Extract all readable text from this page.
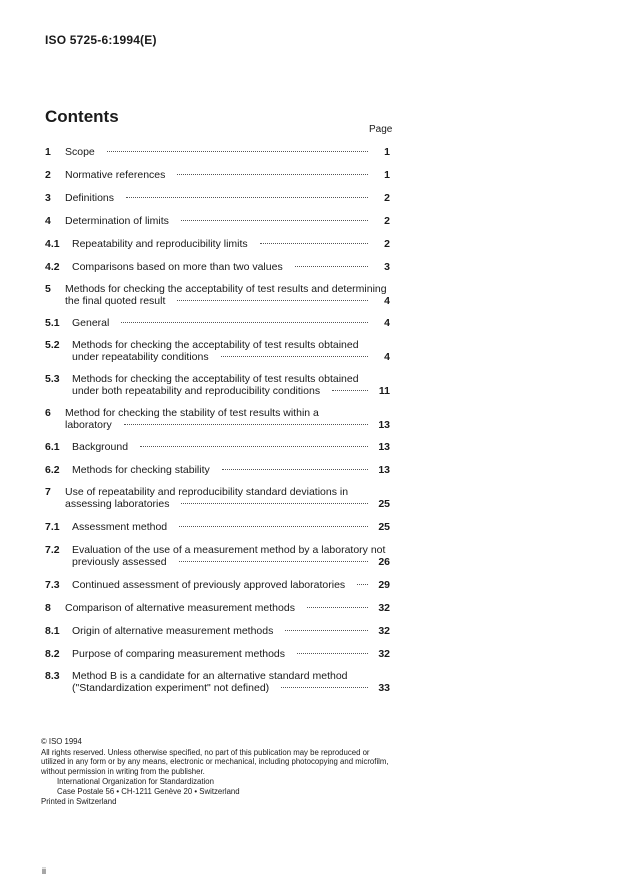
ISO 5725-6:1994(E)
Contents
Page
1	Scope	1
2	Normative references	1
3	Definitions	2
4	Determination of limits	2
4.1	Repeatability and reproducibility limits	2
4.2	Comparisons based on more than two values	3
5	Methods for checking the acceptability of test results and determining
the final quoted result	4
5.1	General	4
5.2	Methods for checking the acceptability of test results obtained
under repeatability conditions	4
5.3	Methods for checking the acceptability of test results obtained
under both repeatability and reproducibility conditions	11
6	Method for checking the stability of test results within a
laboratory	13
6.1	Background	13
6.2	Methods for checking stability	13
7	Use of repeatability and reproducibility standard deviations in
assessing laboratories	25
7.1	Assessment method	25
7.2	Evaluation of the use of a measurement method by a laboratory not
previously assessed	26
7.3	Continued assessment of previously approved laboratories	29
8	Comparison of alternative measurement methods	32
8.1	Origin of alternative measurement methods	32
8.2	Purpose of comparing measurement methods	32
8.3	Method B is a candidate for an alternative standard method
("Standardization experiment" not defined)	33
© ISO 1994
All rights reserved. Unless otherwise specified, no part of this publication may be reproduced or utilized in any form or by any means, electronic or mechanical, including photocopying and microfilm, without permission in writing from the publisher.
International Organization for Standardization
Case Postale 56 • CH-1211 Genève 20 • Switzerland
Printed in Switzerland
ii
